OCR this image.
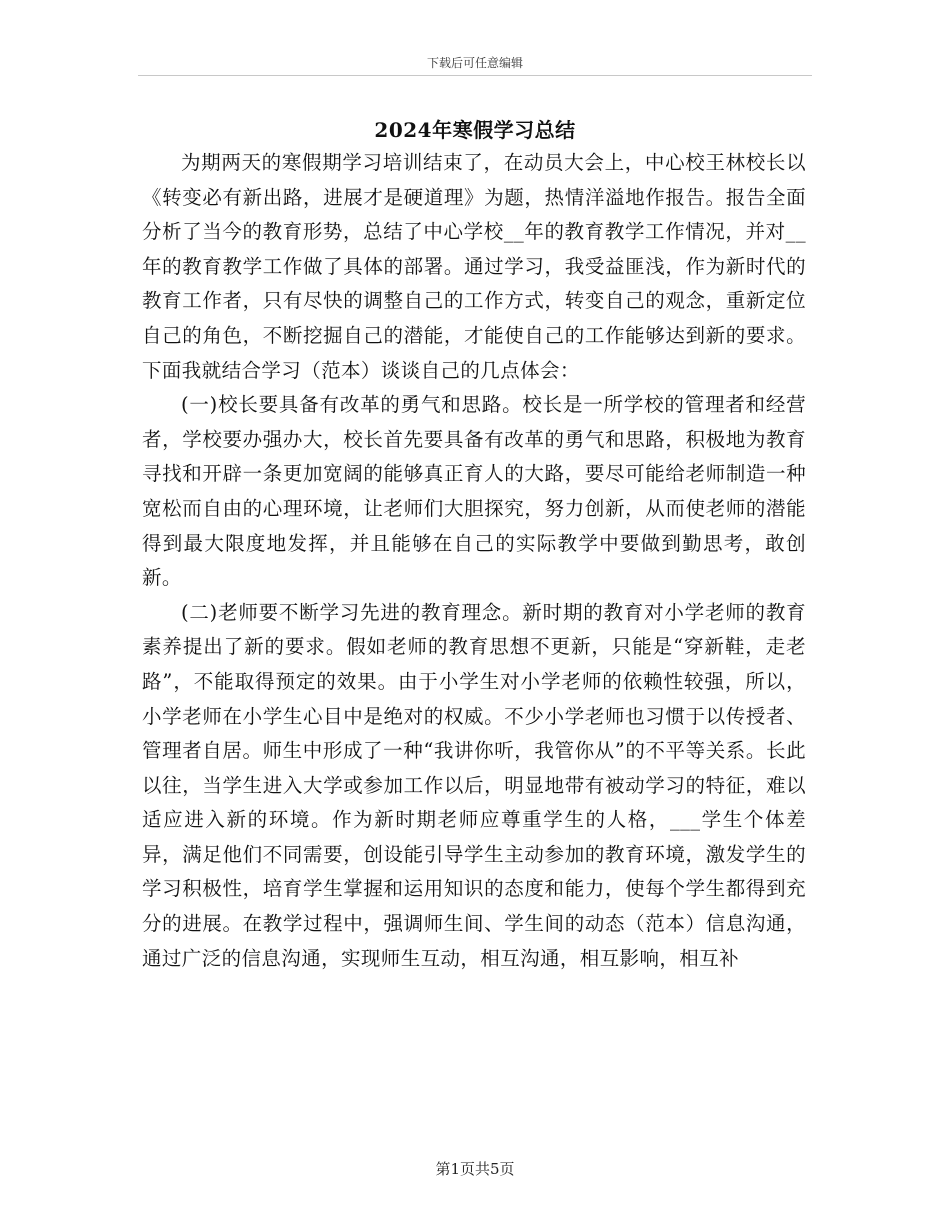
下载后可任意编辑
2024年寒假学习总结

为期两天的寒假期学习培训结束了，在动员大会上，中心校王林校长以《转变必有新出路，进展才是硬道理》为题，热情洋溢地作报告。报告全面分析了当今的教育形势，总结了中心学校__年的教育教学工作情况，并对__年的教育教学工作做了具体的部署。通过学习，我受益匪浅，作为新时代的教育工作者，只有尽快的调整自己的工作方式，转变自己的观念，重新定位自己的角色，不断挖掘自己的潜能，才能使自己的工作能够达到新的要求。下面我就结合学习（范本）谈谈自己的几点体会：

(一)校长要具备有改革的勇气和思路。校长是一所学校的管理者和经营者，学校要办强办大，校长首先要具备有改革的勇气和思路，积极地为教育寻找和开辟一条更加宽阔的能够真正育人的大路，要尽可能给老师制造一种宽松而自由的心理环境，让老师们大胆探究，努力创新，从而使老师的潜能得到最大限度地发挥，并且能够在自己的实际教学中要做到勤思考，敢创新。

(二)老师要不断学习先进的教育理念。新时期的教育对小学老师的教育素养提出了新的要求。假如老师的教育思想不更新，只能是“穿新鞋，走老路”，不能取得预定的效果。由于小学生对小学老师的依赖性较强，所以，小学老师在小学生心目中是绝对的权威。不少小学老师也习惯于以传授者、管理者自居。师生中形成了一种“我讲你听，我管你从”的不平等关系。长此以往，当学生进入大学或参加工作以后，明显地带有被动学习的特征，难以适应进入新的环境。作为新时期老师应尊重学生的人格，___学生个体差异，满足他们不同需要，创设能引导学生主动参加的教育环境，激发学生的学习积极性，培育学生掌握和运用知识的态度和能力，使每个学生都得到充分的进展。在教学过程中，强调师生间、学生间的动态（范本）信息沟通，通过广泛的信息沟通，实现师生互动，相互沟通，相互影响，相互补

第1页共5页
